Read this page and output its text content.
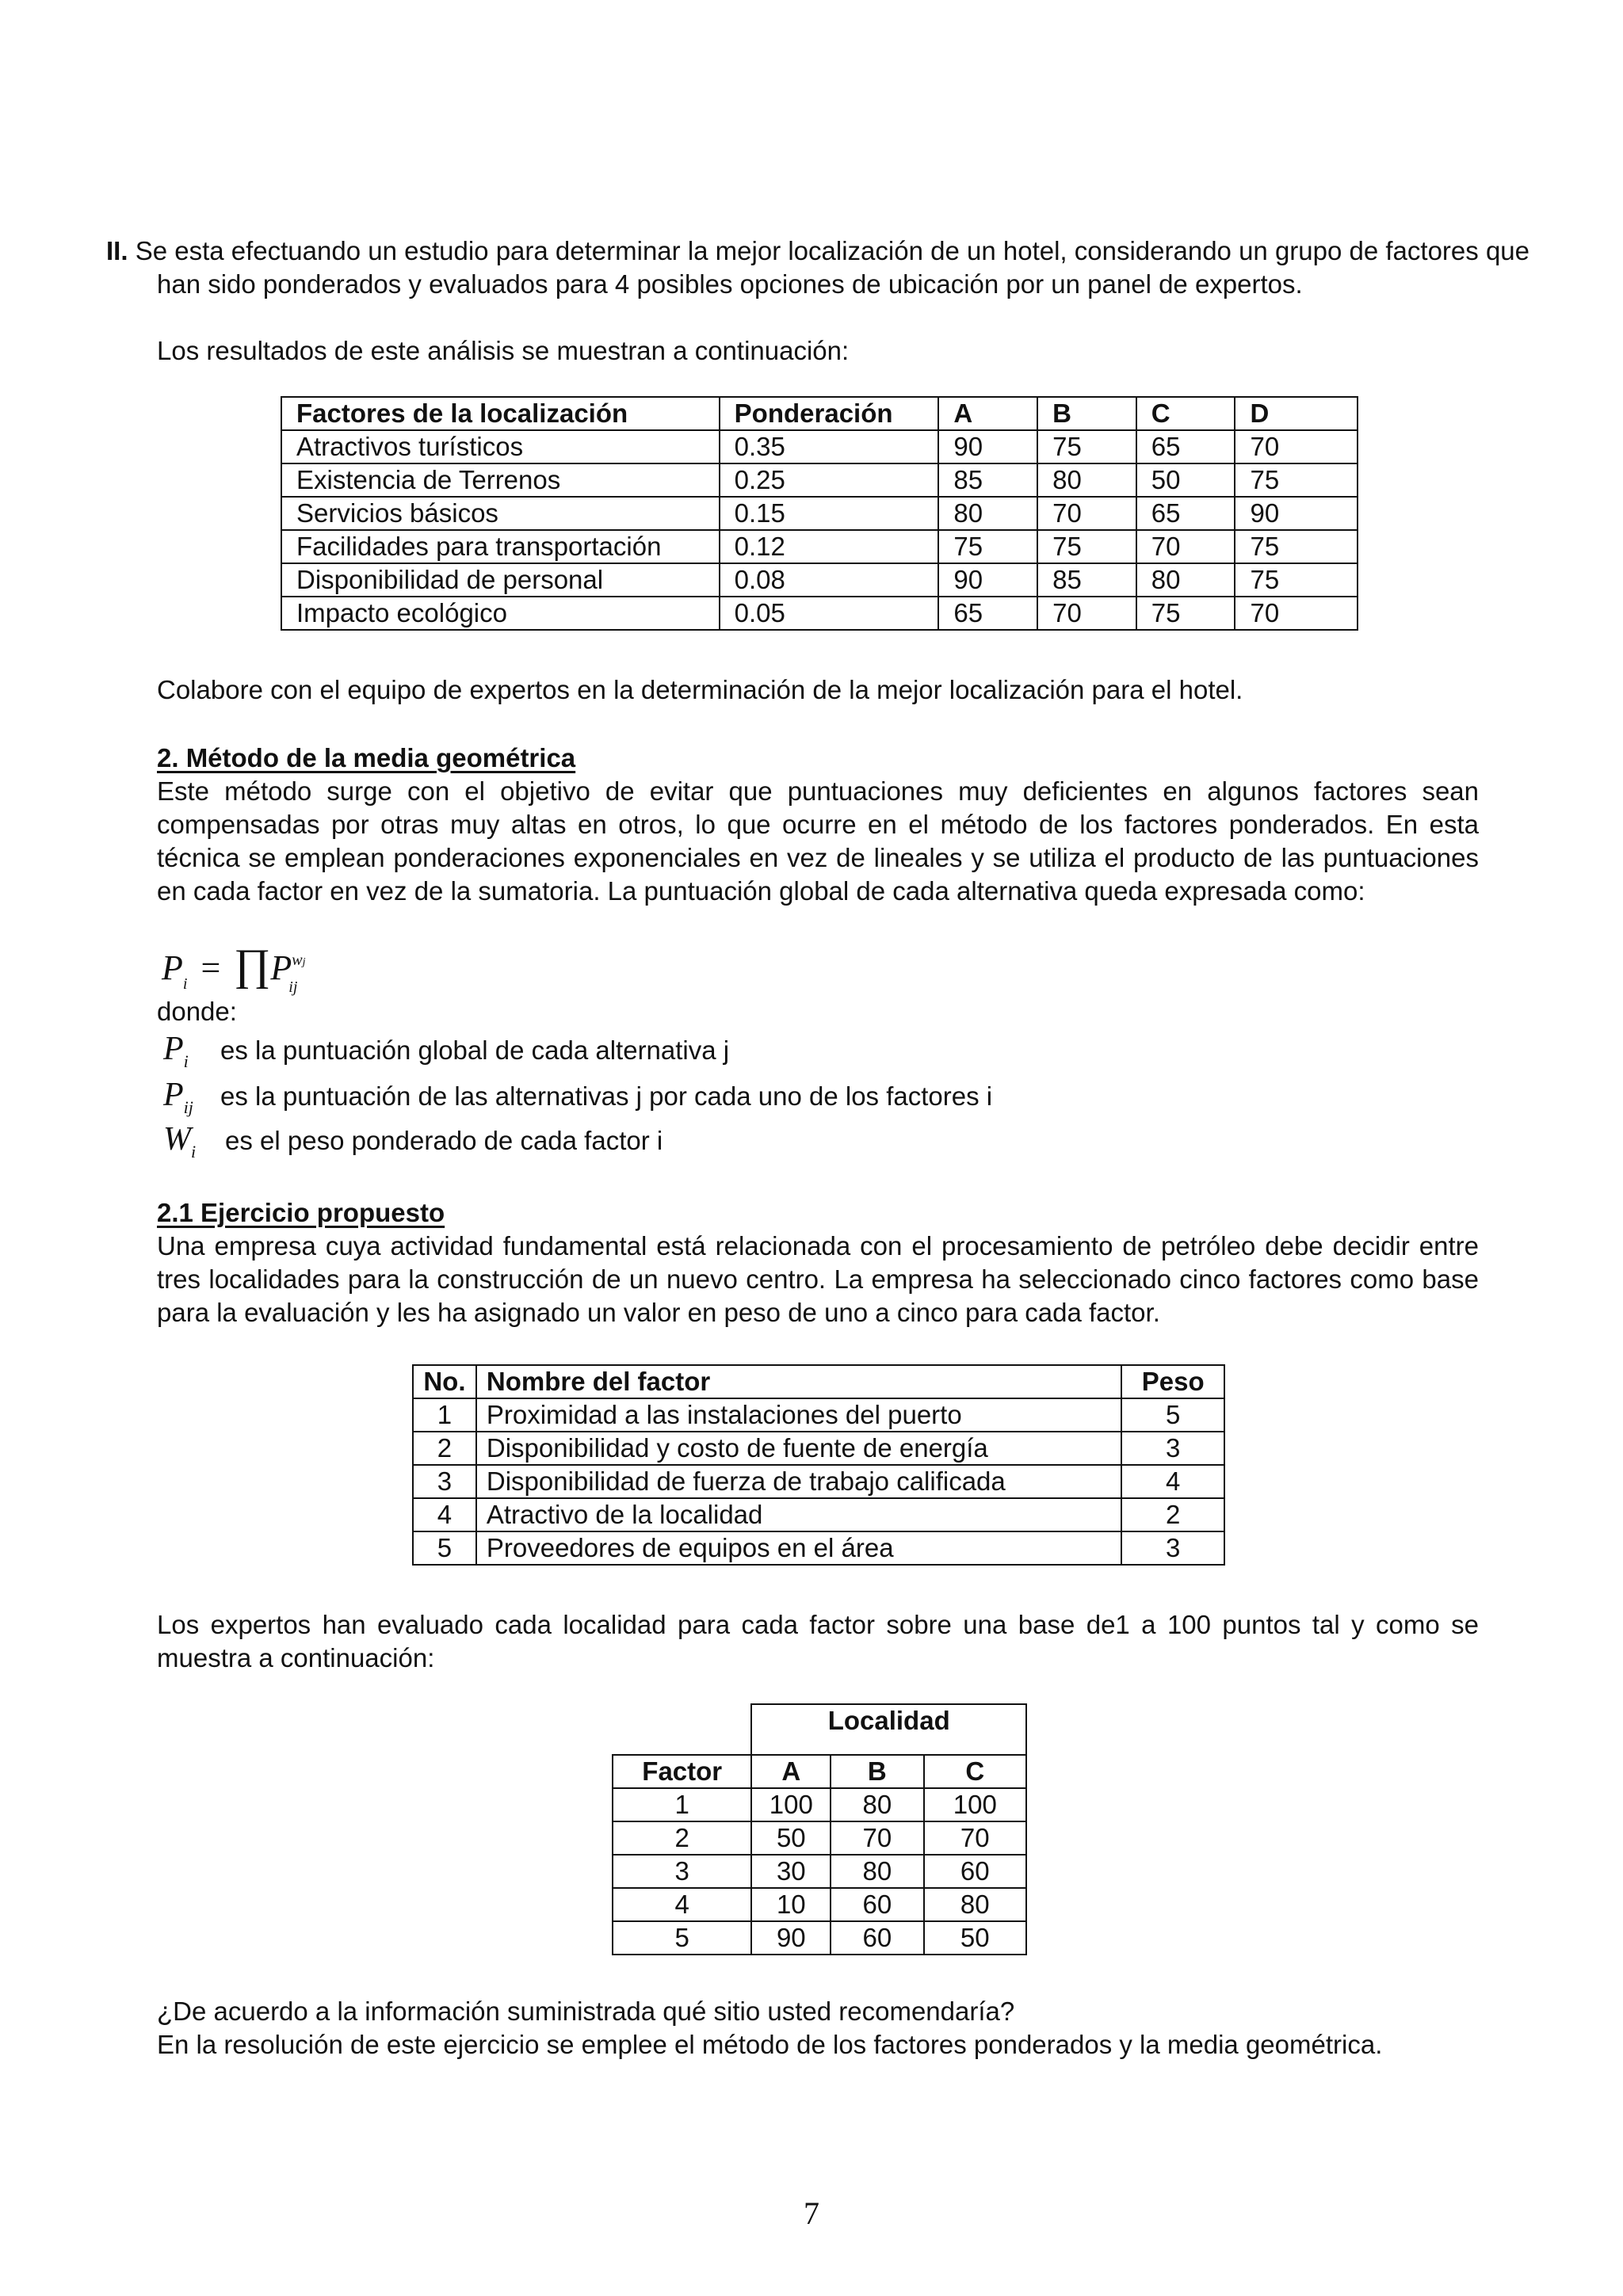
II. Se esta efectuando un estudio para determinar la mejor localización de un hotel, considerando un grupo de factores que han sido ponderados y evaluados para 4 posibles opciones de ubicación por un panel de expertos.

Los resultados de este análisis se muestran a continuación:

Factores de la localización	Ponderación	A	B	C	D
Atractivos turísticos	0.35	90	75	65	70
Existencia de Terrenos	0.25	85	80	50	75
Servicios básicos	0.15	80	70	65	90
Facilidades para transportación	0.12	75	75	70	75
Disponibilidad de personal	0.08	90	85	80	75
Impacto ecológico	0.05	65	70	75	70

Colabore con el equipo de expertos en la determinación de la mejor localización para el hotel.

2. Método de la media geométrica

Este método surge con el objetivo de evitar que puntuaciones muy deficientes en algunos factores sean compensadas por otras muy altas en otros, lo que ocurre en el método de los factores ponderados. En esta técnica se emplean ponderaciones exponenciales en vez de lineales y se utiliza el producto de las puntuaciones en cada factor en vez de la sumatoria. La puntuación global de cada alternativa queda expresada como:

$P_i$ = ∏P wj
ij

donde:

$P_i$ es la puntuación global de cada alternativa j
$P_{ij}$ es la puntuación de las alternativas j por cada uno de los factores i
$W_i$ es el peso ponderado de cada factor i

2.1 Ejercicio propuesto

Una empresa cuya actividad fundamental está relacionada con el procesamiento de petróleo debe decidir entre tres localidades para la construcción de un nuevo centro. La empresa ha seleccionado cinco factores como base para la evaluación y les ha asignado un valor en peso de uno a cinco para cada factor.

No.	Nombre del factor	Peso
1	Proximidad a las instalaciones del puerto	5
2	Disponibilidad y costo de fuente de energía	3
3	Disponibilidad de fuerza de trabajo calificada	4
4	Atractivo de la localidad	2
5	Proveedores de equipos en el área	3

Los expertos han evaluado cada localidad para cada factor sobre una base de1 a 100 puntos tal y como se muestra a continuación:

	Localidad		
Factor	A	B	C
1	100	80	100
2	50	70	70
3	30	80	60
4	10	60	80
5	90	60	50

¿De acuerdo a la información suministrada qué sitio usted recomendaría?

En la resolución de este ejercicio se emplee el método de los factores ponderados y la media geométrica.

7
